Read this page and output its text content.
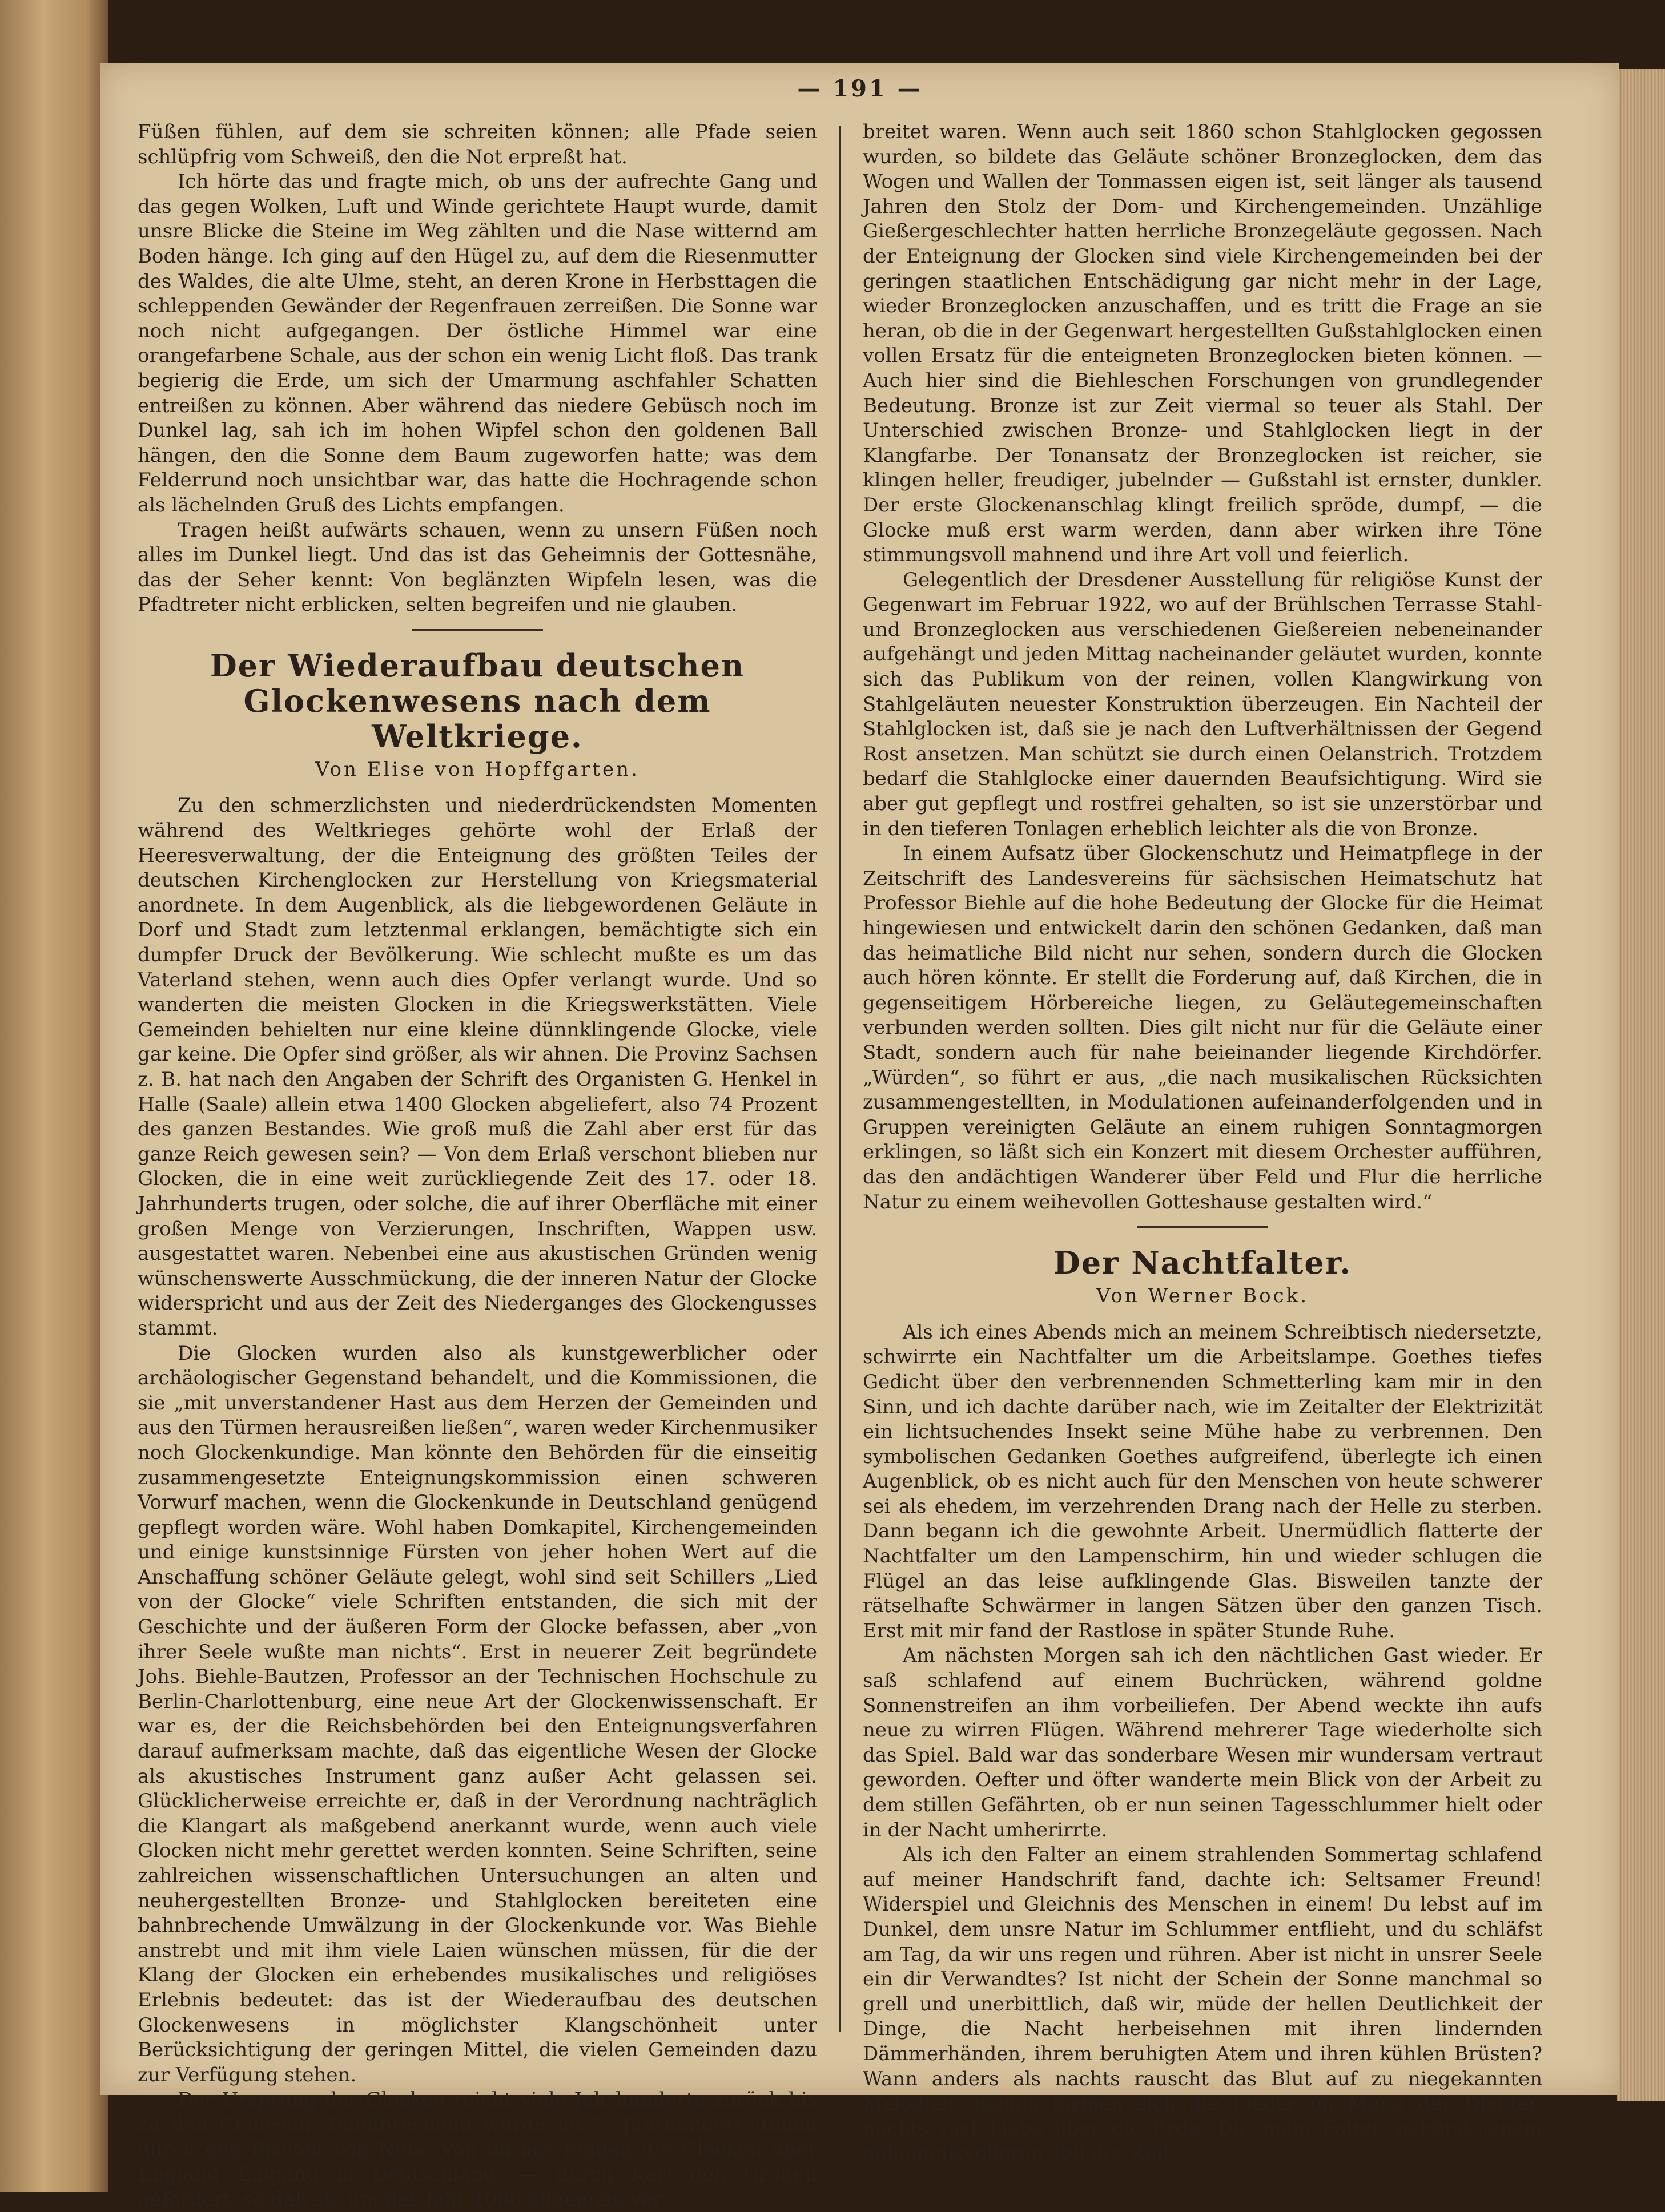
— 191 —

Füßen fühlen, auf dem sie schreiten können; alle Pfade seien schlüpfrig vom Schweiß, den die Not erpreßt hat.

Ich hörte das und fragte mich, ob uns der aufrechte Gang und das gegen Wolken, Luft und Winde gerichtete Haupt wurde, damit unsre Blicke die Steine im Weg zählten und die Nase witternd am Boden hänge. Ich ging auf den Hügel zu, auf dem die Riesenmutter des Waldes, die alte Ulme, steht, an deren Krone in Herbsttagen die schleppenden Gewänder der Regenfrauen zerreißen. Die Sonne war noch nicht aufgegangen. Der östliche Himmel war eine orangefarbene Schale, aus der schon ein wenig Licht floß. Das trank begierig die Erde, um sich der Umarmung aschfahler Schatten entreißen zu können. Aber während das niedere Gebüsch noch im Dunkel lag, sah ich im hohen Wipfel schon den goldenen Ball hängen, den die Sonne dem Baum zugeworfen hatte; was dem Felderrund noch unsichtbar war, das hatte die Hochragende schon als lächelnden Gruß des Lichts empfangen.

Tragen heißt aufwärts schauen, wenn zu unsern Füßen noch alles im Dunkel liegt. Und das ist das Geheimnis der Gottesnähe, das der Seher kennt: Von beglänzten Wipfeln lesen, was die Pfadtreter nicht erblicken, selten begreifen und nie glauben.

Der Wiederaufbau deutschen Glockenwesens nach dem Weltkriege.
Von Elise von Hopffgarten.

Zu den schmerzlichsten und niederdrückendsten Momenten während des Weltkrieges gehörte wohl der Erlaß der Heeresverwaltung, der die Enteignung des größten Teiles der deutschen Kirchenglocken zur Herstellung von Kriegsmaterial anordnete. In dem Augenblick, als die liebgewordenen Geläute in Dorf und Stadt zum letztenmal erklangen, bemächtigte sich ein dumpfer Druck der Bevölkerung. Wie schlecht mußte es um das Vaterland stehen, wenn auch dies Opfer verlangt wurde. Und so wanderten die meisten Glocken in die Kriegswerkstätten. Viele Gemeinden behielten nur eine kleine dünnklingende Glocke, viele gar keine. Die Opfer sind größer, als wir ahnen. Die Provinz Sachsen z. B. hat nach den Angaben der Schrift des Organisten G. Henkel in Halle (Saale) allein etwa 1400 Glocken abgeliefert, also 74 Prozent des ganzen Bestandes. Wie groß muß die Zahl aber erst für das ganze Reich gewesen sein? — Von dem Erlaß verschont blieben nur Glocken, die in eine weit zurückliegende Zeit des 17. oder 18. Jahrhunderts trugen, oder solche, die auf ihrer Oberfläche mit einer großen Menge von Verzierungen, Inschriften, Wappen usw. ausgestattet waren. Nebenbei eine aus akustischen Gründen wenig wünschenswerte Ausschmückung, die der inneren Natur der Glocke widerspricht und aus der Zeit des Niederganges des Glockengusses stammt.

Die Glocken wurden also als kunstgewerblicher oder archäologischer Gegenstand behandelt, und die Kommissionen, die sie „mit unverstandener Hast aus dem Herzen der Gemeinden und aus den Türmen herausreißen ließen“, waren weder Kirchenmusiker noch Glockenkundige. Man könnte den Behörden für die einseitig zusammengesetzte Enteignungskommission einen schweren Vorwurf machen, wenn die Glockenkunde in Deutschland genügend gepflegt worden wäre. Wohl haben Domkapitel, Kirchengemeinden und einige kunstsinnige Fürsten von jeher hohen Wert auf die Anschaffung schöner Geläute gelegt, wohl sind seit Schillers „Lied von der Glocke“ viele Schriften entstanden, die sich mit der Geschichte und der äußeren Form der Glocke befassen, aber „von ihrer Seele wußte man nichts“. Erst in neuerer Zeit begründete Johs. Biehle-Bautzen, Professor an der Technischen Hochschule zu Berlin-Charlottenburg, eine neue Art der Glockenwissenschaft. Er war es, der die Reichsbehörden bei den Enteignungsverfahren darauf aufmerksam machte, daß das eigentliche Wesen der Glocke als akustisches Instrument ganz außer Acht gelassen sei. Glücklicherweise erreichte er, daß in der Verordnung nachträglich die Klangart als maßgebend anerkannt wurde, wenn auch viele Glocken nicht mehr gerettet werden konnten. Seine Schriften, seine zahlreichen wissenschaftlichen Untersuchungen an alten und neuhergestellten Bronze- und Stahlglocken bereiteten eine bahnbrechende Umwälzung in der Glockenkunde vor. Was Biehle anstrebt und mit ihm viele Laien wünschen müssen, für die der Klang der Glocken ein erhebendes musikalisches und religiöses Erlebnis bedeutet: das ist der Wiederaufbau des deutschen Glockenwesens in möglichster Klangschönheit unter Berücksichtigung der geringen Mittel, die vielen Gemeinden dazu zur Verfügung stehen.

Der Ursprung der Glocken reicht viele Jahrhunderte zurück bis zu den Chinesen. Bahnbrechend wurde im 7. Jahrhundert Italien durch den Bischof von Nola. Von da aus fanden die Glocken über England Eingang in Deutschland, — durch Karl den Großen gefördert, so daß sie um das Jahr 1000 allgemein ver-

breitet waren. Wenn auch seit 1860 schon Stahlglocken gegossen wurden, so bildete das Geläute schöner Bronzeglocken, dem das Wogen und Wallen der Tonmassen eigen ist, seit länger als tausend Jahren den Stolz der Dom- und Kirchengemeinden. Unzählige Gießergeschlechter hatten herrliche Bronzegeläute gegossen. Nach der Enteignung der Glocken sind viele Kirchengemeinden bei der geringen staatlichen Entschädigung gar nicht mehr in der Lage, wieder Bronzeglocken anzuschaffen, und es tritt die Frage an sie heran, ob die in der Gegenwart hergestellten Gußstahlglocken einen vollen Ersatz für die enteigneten Bronzeglocken bieten können. — Auch hier sind die Biehleschen Forschungen von grundlegender Bedeutung. Bronze ist zur Zeit viermal so teuer als Stahl. Der Unterschied zwischen Bronze- und Stahlglocken liegt in der Klangfarbe. Der Tonansatz der Bronzeglocken ist reicher, sie klingen heller, freudiger, jubelnder — Gußstahl ist ernster, dunkler. Der erste Glockenanschlag klingt freilich spröde, dumpf, — die Glocke muß erst warm werden, dann aber wirken ihre Töne stimmungsvoll mahnend und ihre Art voll und feierlich.

Gelegentlich der Dresdener Ausstellung für religiöse Kunst der Gegenwart im Februar 1922, wo auf der Brühlschen Terrasse Stahl- und Bronzeglocken aus verschiedenen Gießereien nebeneinander aufgehängt und jeden Mittag nacheinander geläutet wurden, konnte sich das Publikum von der reinen, vollen Klangwirkung von Stahlgeläuten neuester Konstruktion überzeugen. Ein Nachteil der Stahlglocken ist, daß sie je nach den Luftverhältnissen der Gegend Rost ansetzen. Man schützt sie durch einen Oelanstrich. Trotzdem bedarf die Stahlglocke einer dauernden Beaufsichtigung. Wird sie aber gut gepflegt und rostfrei gehalten, so ist sie unzerstörbar und in den tieferen Tonlagen erheblich leichter als die von Bronze.

In einem Aufsatz über Glockenschutz und Heimatpflege in der Zeitschrift des Landesvereins für sächsischen Heimatschutz hat Professor Biehle auf die hohe Bedeutung der Glocke für die Heimat hingewiesen und entwickelt darin den schönen Gedanken, daß man das heimatliche Bild nicht nur sehen, sondern durch die Glocken auch hören könnte. Er stellt die Forderung auf, daß Kirchen, die in gegenseitigem Hörbereiche liegen, zu Geläutegemeinschaften verbunden werden sollten. Dies gilt nicht nur für die Geläute einer Stadt, sondern auch für nahe beieinander liegende Kirchdörfer. „Würden“, so führt er aus, „die nach musikalischen Rücksichten zusammengestellten, in Modulationen aufeinanderfolgenden und in Gruppen vereinigten Geläute an einem ruhigen Sonntagmorgen erklingen, so läßt sich ein Konzert mit diesem Orchester aufführen, das den andächtigen Wanderer über Feld und Flur die herrliche Natur zu einem weihevollen Gotteshause gestalten wird.“

Der Nachtfalter.
Von Werner Bock.

Als ich eines Abends mich an meinem Schreibtisch niedersetzte, schwirrte ein Nachtfalter um die Arbeitslampe. Goethes tiefes Gedicht über den verbrennenden Schmetterling kam mir in den Sinn, und ich dachte darüber nach, wie im Zeitalter der Elektrizität ein lichtsuchendes Insekt seine Mühe habe zu verbrennen. Den symbolischen Gedanken Goethes aufgreifend, überlegte ich einen Augenblick, ob es nicht auch für den Menschen von heute schwerer sei als ehedem, im verzehrenden Drang nach der Helle zu sterben. Dann begann ich die gewohnte Arbeit. Unermüdlich flatterte der Nachtfalter um den Lampenschirm, hin und wieder schlugen die Flügel an das leise aufklingende Glas. Bisweilen tanzte der rätselhafte Schwärmer in langen Sätzen über den ganzen Tisch. Erst mit mir fand der Rastlose in später Stunde Ruhe.

Am nächsten Morgen sah ich den nächtlichen Gast wieder. Er saß schlafend auf einem Buchrücken, während goldne Sonnenstreifen an ihm vorbeiliefen. Der Abend weckte ihn aufs neue zu wirren Flügen. Während mehrerer Tage wiederholte sich das Spiel. Bald war das sonderbare Wesen mir wundersam vertraut geworden. Oefter und öfter wanderte mein Blick von der Arbeit zu dem stillen Gefährten, ob er nun seinen Tagesschlummer hielt oder in der Nacht umherirrte.

Als ich den Falter an einem strahlenden Sommertag schlafend auf meiner Handschrift fand, dachte ich: Seltsamer Freund! Widerspiel und Gleichnis des Menschen in einem! Du lebst auf im Dunkel, dem unsre Natur im Schlummer entflieht, und du schläfst am Tag, da wir uns regen und rühren. Aber ist nicht in unsrer Seele ein dir Verwandtes? Ist nicht der Schein der Sonne manchmal so grell und unerbittlich, daß wir, müde der hellen Deutlichkeit der Dinge, die Nacht herbeisehnen mit ihren lindernden Dämmerhänden, ihrem beruhigten Atem und ihren kühlen Brüsten? Wann anders als nachts rauscht das Blut auf zu niegekannten Melodien, nachts formen sich die Lieder im Mund der Dichter, nachts rast Liebe über die Erde. Du, mein Falter, gehörst jenem geheimnisvolleren Teil des Zeit-
